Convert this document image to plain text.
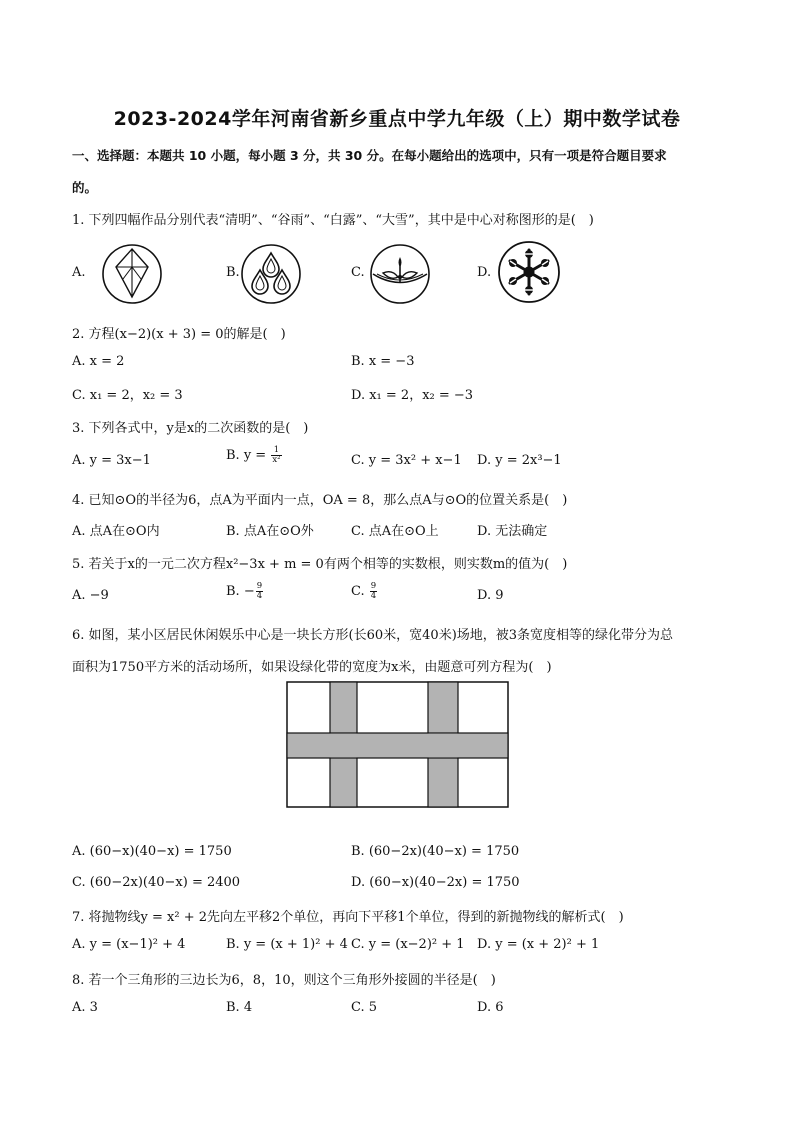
2023-2024学年河南省新乡重点中学九年级（上）期中数学试卷
一、选择题：本题共 10 小题，每小题 3 分，共 30 分。在每小题给出的选项中，只有一项是符合题目要求
的。
1. 下列四幅作品分别代表“清明”、“谷雨”、“白露”、“大雪”，其中是中心对称图形的是(　)
A.	B.	C.	D.
2. 方程(x−2)(x + 3) = 0的解是(　)
A. x = 2	B. x = −3
C. x₁ = 2，x₂ = 3	D. x₁ = 2，x₂ = −3
3. 下列各式中，y是x的二次函数的是(　)
A. y = 3x−1	B. $y = \frac{1}{\text{x²}}$	C. y = 3x² + x−1 D. y = 2x³−1
4. 已知⊙O的半径为6，点A为平面内一点，OA = 8，那么点A与⊙O的位置关系是(　)
A. 点A在⊙O内	B. 点A在⊙O外	C. 点A在⊙O上	D. 无法确定
5. 若关于x的一元二次方程x²−3x + m = 0有两个相等的实数根，则实数m的值为(　)
A. −9	B. − $\frac{9}{4}$	C. $\frac{9}{4}$	D. 9
6. 如图，某小区居民休闲娱乐中心是一块长方形(长60米，宽40米)场地，被3条宽度相等的绿化带分为总
面积为1750平方米的活动场所，如果设绿化带的宽度为x米，由题意可列方程为(　)
A. (60−x)(40−x) = 1750	B. (60−2x)(40−x) = 1750
C. (60−2x)(40−x) = 2400	D. (60−x)(40−2x) = 1750
7. 将抛物线y = x² + 2先向左平移2个单位，再向下平移1个单位，得到的新抛物线的解析式(　)
A. y = (x−1)² + 4	B. y = (x + 1)² + 4 C. y = (x−2)² + 1 D. y = (x + 2)² + 1
8. 若一个三角形的三边长为6，8，10，则这个三角形外接圆的半径是(　)
A. 3	B. 4	C. 5	D. 6
